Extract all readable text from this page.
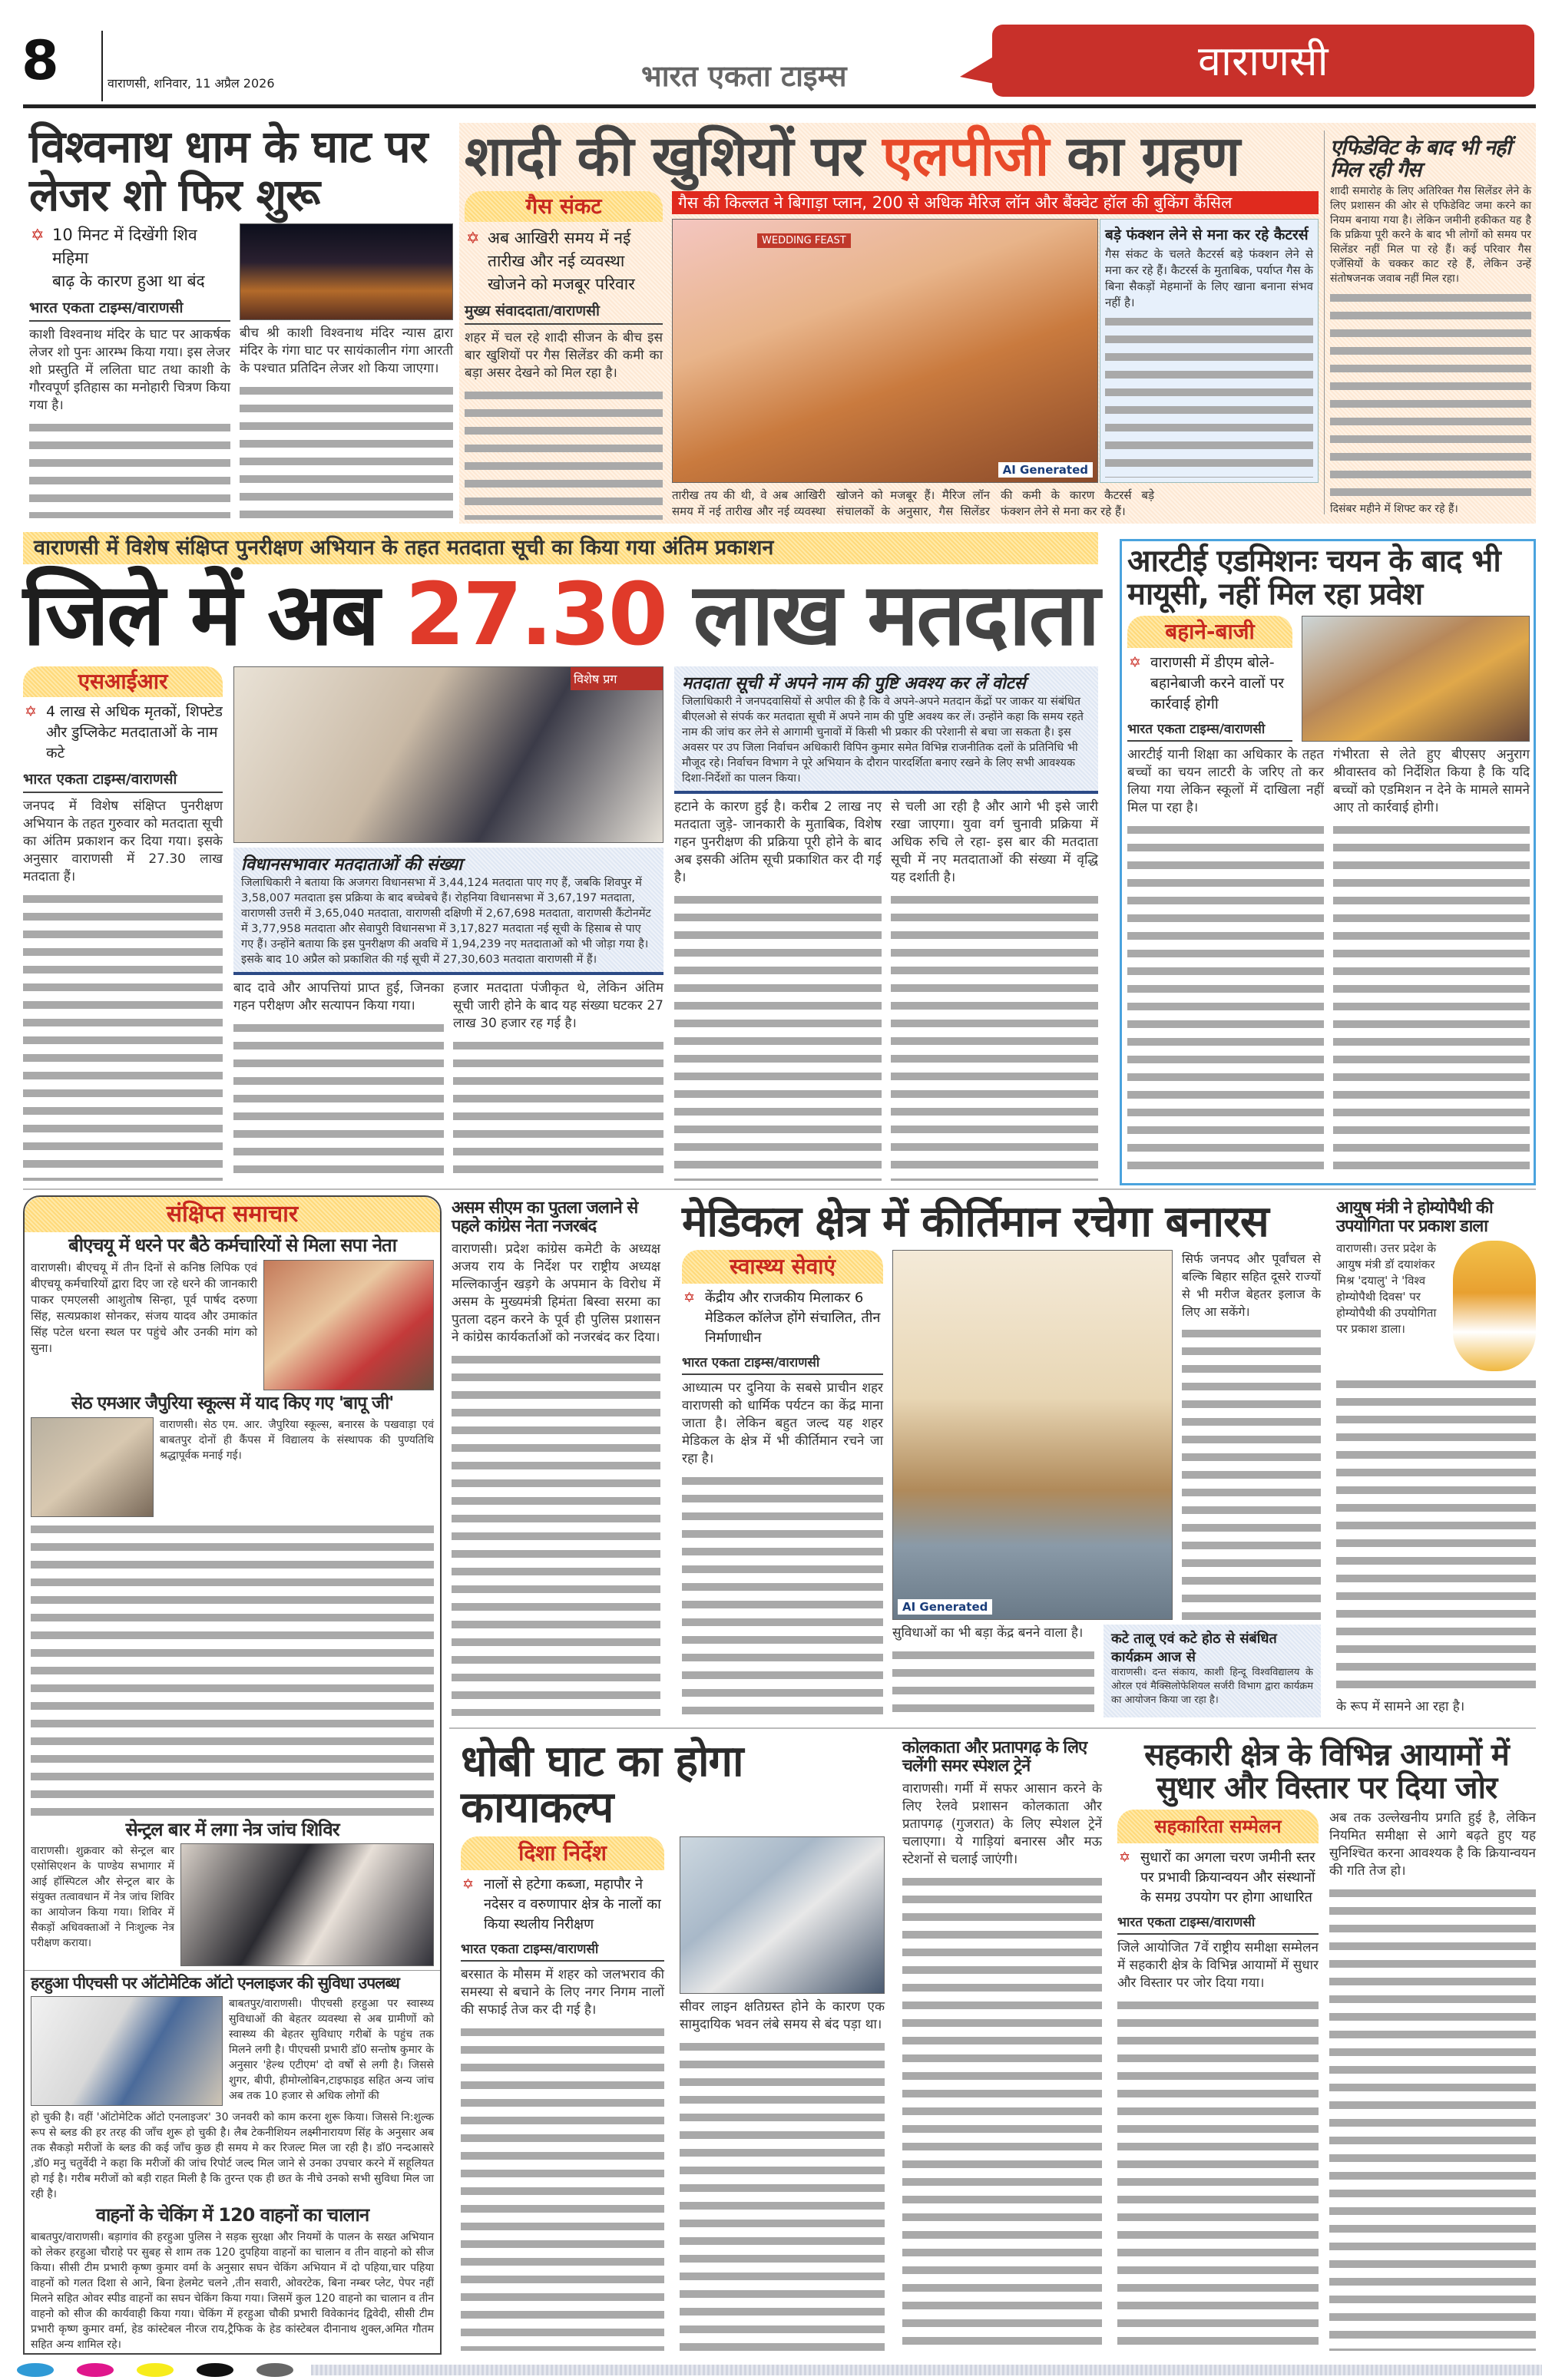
8	वाराणसी, शनिवार, 11 अप्रैल 2026	भारत एकता टाइम्स	वाराणसी
विश्वनाथ धाम के घाट पर लेजर शो फिर शुरू
✡ 10 मिनट में दिखेंगी शिव महिमा
बाढ़ के कारण हुआ था बंद
भारत एकता टाइम्स/वाराणसी
काशी विश्वनाथ मंदिर के घाट पर आकर्षक लेजर शो पुनः आरम्भ किया गया। इस लेजर शो प्रस्तुति में ललिता घाट तथा काशी के गौरवपूर्ण इतिहास का मनोहारी चित्रण किया गया है।
बीच श्री काशी विश्वनाथ मंदिर न्यास द्वारा मंदिर के गंगा घाट पर सायंकालीन गंगा आरती के पश्चात प्रतिदिन लेजर शो किया जाएगा।
शादी की खुशियों पर एलपीजी का ग्रहण
गैस संकट
✡ अब आखिरी समय में नई तारीख और नई व्यवस्था खोजने को मजबूर परिवार
मुख्य संवाददाता/वाराणसी
शहर में चल रहे शादी सीजन के बीच इस बार खुशियों पर गैस सिलेंडर की कमी का बड़ा असर देखने को मिल रहा है।
गैस की किल्लत ने बिगाड़ा प्लान, 200 से अधिक मैरिज लॉन और बैंक्वेट हॉल की बुकिंग कैंसिल
WEDDING FEAST
AI Generated
बड़े फंक्शन लेने से मना कर रहे कैटरर्स
गैस संकट के चलते कैटरर्स बड़े फंक्शन लेने से मना कर रहे हैं। कैटरर्स के मुताबिक, पर्याप्त गैस के बिना सैकड़ों मेहमानों के लिए खाना बनाना संभव नहीं है।
तारीख तय की थी, वे अब आखिरी समय में नई तारीख और नई व्यवस्था खोजने को मजबूर हैं। मैरिज लॉन संचालकों के अनुसार, गैस सिलेंडर की कमी के कारण कैटरर्स बड़े फंक्शन लेने से मना कर रहे हैं।
एफिडेविट के बाद भी नहीं मिल रही गैस
शादी समारोह के लिए अतिरिक्त गैस सिलेंडर लेने के लिए प्रशासन की ओर से एफिडेविट जमा करने का नियम बनाया गया है। लेकिन जमीनी हकीकत यह है कि प्रक्रिया पूरी करने के बाद भी लोगों को समय पर सिलेंडर नहीं मिल पा रहे हैं। कई परिवार गैस एजेंसियों के चक्कर काट रहे हैं, लेकिन उन्हें संतोषजनक जवाब नहीं मिल रहा।
दिसंबर महीने में शिफ्ट कर रहे हैं।
वाराणसी में विशेष संक्षिप्त पुनरीक्षण अभियान के तहत मतदाता सूची का किया गया अंतिम प्रकाशन
जिले में अब 27.30 लाख मतदाता
एसआईआर
✡ 4 लाख से अधिक मृतकों, शिफ्टेड और डुप्लिकेट मतदाताओं के नाम कटे
भारत एकता टाइम्स/वाराणसी
जनपद में विशेष संक्षिप्त पुनरीक्षण अभियान के तहत गुरुवार को मतदाता सूची का अंतिम प्रकाशन कर दिया गया। इसके अनुसार वाराणसी में 27.30 लाख मतदाता हैं।
विशेष प्रग
विधानसभावार मतदाताओं की संख्या
जिलाधिकारी ने बताया कि अजगरा विधानसभा में 3,44,124 मतदाता पाए गए हैं, जबकि शिवपुर में 3,58,007 मतदाता इस प्रक्रिया के बाद बच्चेबचे हैं। रोहनिया विधानसभा में 3,67,197 मतदाता, वाराणसी उत्तरी में 3,65,040 मतदाता, वाराणसी दक्षिणी में 2,67,698 मतदाता, वाराणसी कैंटोनमेंट में 3,77,958 मतदाता और सेवापुरी विधानसभा में 3,17,827 मतदाता नई सूची के हिसाब से पाए गए हैं। उन्होंने बताया कि इस पुनरीक्षण की अवधि में 1,94,239 नए मतदाताओं को भी जोड़ा गया है। इसके बाद 10 अप्रैल को प्रकाशित की गई सूची में 27,30,603 मतदाता वाराणसी में हैं।
बाद दावे और आपत्तियां प्राप्त हुई, जिनका गहन परीक्षण और सत्यापन किया गया।
हजार मतदाता पंजीकृत थे, लेकिन अंतिम सूची जारी होने के बाद यह संख्या घटकर 27 लाख 30 हजार रह गई है।
मतदाता सूची में अपने नाम की पुष्टि अवश्य कर लें वोटर्स
जिलाधिकारी ने जनपदवासियों से अपील की है कि वे अपने-अपने मतदान केंद्रों पर जाकर या संबंधित बीएलओ से संपर्क कर मतदाता सूची में अपने नाम की पुष्टि अवश्य कर लें। उन्होंने कहा कि समय रहते नाम की जांच कर लेने से आगामी चुनावों में किसी भी प्रकार की परेशानी से बचा जा सकता है। इस अवसर पर उप जिला निर्वाचन अधिकारी विपिन कुमार समेत विभिन्न राजनीतिक दलों के प्रतिनिधि भी मौजूद रहे। निर्वाचन विभाग ने पूरे अभियान के दौरान पारदर्शिता बनाए रखने के लिए सभी आवश्यक दिशा-निर्देशों का पालन किया।
हटाने के कारण हुई है। करीब 2 लाख नए मतदाता जुड़े- जानकारी के मुताबिक, विशेष गहन पुनरीक्षण की प्रक्रिया पूरी होने के बाद अब इसकी अंतिम सूची प्रकाशित कर दी गई है।
से चली आ रही है और आगे भी इसे जारी रखा जाएगा। युवा वर्ग चुनावी प्रक्रिया में अधिक रुचि ले रहा- इस बार की मतदाता सूची में नए मतदाताओं की संख्या में वृद्धि यह दर्शाती है।
आरटीई एडमिशनः चयन के बाद भी मायूसी, नहीं मिल रहा प्रवेश
बहाने-बाजी
✡ वाराणसी में डीएम बोले- बहानेबाजी करने वालों पर कार्रवाई होगी
भारत एकता टाइम्स/वाराणसी
आरटीई यानी शिक्षा का अधिकार के तहत बच्चों का चयन लाटरी के जरिए तो कर लिया गया लेकिन स्कूलों में दाखिला नहीं मिल पा रहा है।
गंभीरता से लेते हुए बीएसए अनुराग श्रीवास्तव को निर्देशित किया है कि यदि बच्चों को एडमिशन न देने के मामले सामने आए तो कार्रवाई होगी।
संक्षिप्त समाचार
बीएचयू में धरने पर बैठे कर्मचारियों से मिला सपा नेता
वाराणसी। बीएचयू में तीन दिनों से कनिष्ठ लिपिक एवं बीएचयू कर्मचारियों द्वारा दिए जा रहे धरने की जानकारी पाकर एमएलसी आशुतोष सिन्हा, पूर्व पार्षद दरुणा सिंह, सत्यप्रकाश सोनकर, संजय यादव और उमाकांत सिंह पटेल धरना स्थल पर पहुंचे और उनकी मांग को सुना।
सेठ एमआर जैपुरिया स्कूल्स में याद किए गए 'बापू जी'
वाराणसी। सेठ एम. आर. जैपुरिया स्कूल्स, बनारस के पखवाड़ा एवं बाबतपुर दोनों ही कैंपस में विद्यालय के संस्थापक की पुण्यतिथि श्रद्धापूर्वक मनाई गई।
सेन्ट्रल बार में लगा नेत्र जांच शिविर
वाराणसी। शुक्रवार को सेन्ट्रल बार एसोसिएशन के पाण्डेय सभागार में आई हॉस्पिटल और सेन्ट्रल बार के संयुक्त तत्वावधान में नेत्र जांच शिविर का आयोजन किया गया। शिविर में सैकड़ों अधिवक्ताओं ने निःशुल्क नेत्र परीक्षण कराया।
हरहुआ पीएचसी पर ऑटोमेटिक ऑटो एनलाइजर की सुविधा उपलब्ध
बाबतपुर/वाराणसी। पीएचसी हरहुआ पर स्वास्थ्य सुविधाओं की बेहतर व्यवस्था से अब ग्रामीणों को स्वास्थ्य की बेहतर सुविधाए गरीबों के पहुंच तक मिलने लगी है। पीएचसी प्रभारी डॉ0 सन्तोष कुमार के अनुसार 'हेल्थ एटीएम' दो वर्षों से लगी है। जिससे शुगर, बीपी, हीमोग्लोबिन,टाइफाइड सहित अन्य जांच अब तक 10 हजार से अधिक लोगों की
हो चुकी है। वहीं 'ऑटोमेटिक ऑटो एनलाइजर' 30 जनवरी को काम करना शुरू किया। जिससे नि:शुल्क रूप से ब्लड की हर तरह की जाँच शुरू हो चुकी है। लैब टेकनीशियन लक्ष्मीनारायण सिंह के अनुसार अब तक सैकड़ो मरीजों के ब्लड की कई जाँच कुछ ही समय मे कर रिजल्ट मिल जा रही है। डॉ0 नन्दआसरे ,डॉ0 मनु चतुर्वेदी ने कहा कि मरीजों की जांच रिपोर्ट जल्द मिल जाने से उनका उपचार करने में सहूलियत हो गई है। गरीब मरीजों को बड़ी राहत मिली है कि तुरन्त एक ही छत के नीचे उनको सभी सुविधा मिल जा रही है।
वाहनों के चेकिंग में 120 वाहनों का चालान
बाबतपुर/वाराणसी। बड़ागांव की हरहुआ पुलिस ने सड़क सुरक्षा और नियमों के पालन के सख्त अभियान को लेकर हरहुआ चौराहे पर सुबह से शाम तक 120 दुपहिया वाहनों का चालान व तीन वाहनो को सीज किया। सीसी टीम प्रभारी कृष्ण कुमार वर्मा के अनुसार सघन चेकिंग अभियान में दो पहिया,चार पहिया वाहनों को गलत दिशा से आने, बिना हेलमेट चलने ,तीन सवारी, ओवरटेक, बिना नम्बर प्लेट, पेपर नहीं मिलने सहित ओवर स्पीड वाहनों का सघन चेकिंग किया गया। जिसमें कुल 120 वाहनो का चालान व तीन वाहनो को सीज की कार्यवाही किया गया। चेकिंग में हरहुआ चौकी प्रभारी विवेकानंद द्विवेदी, सीसी टीम प्रभारी कृष्ण कुमार वर्मा, हेड कांस्टेबल नीरज राय,ट्रैफिक के हेड कांस्टेबल दीनानाथ शुक्ल,अमित गौतम सहित अन्य शामिल रहे।
असम सीएम का पुतला जलाने से पहले कांग्रेस नेता नजरबंद
वाराणसी। प्रदेश कांग्रेस कमेटी के अध्यक्ष अजय राय के निर्देश पर राष्ट्रीय अध्यक्ष मल्लिकार्जुन खड़गे के अपमान के विरोध में असम के मुख्यमंत्री हिमंता बिस्वा सरमा का पुतला दहन करने के पूर्व ही पुलिस प्रशासन ने कांग्रेस कार्यकर्ताओं को नजरबंद कर दिया।
मेडिकल क्षेत्र में कीर्तिमान रचेगा बनारस
स्वास्थ्य सेवाएं
✡ केंद्रीय और राजकीय मिलाकर 6 मेडिकल कॉलेज होंगे संचालित, तीन निर्माणाधीन
भारत एकता टाइम्स/वाराणसी
आध्यात्म पर दुनिया के सबसे प्राचीन शहर वाराणसी को धार्मिक पर्यटन का केंद्र माना जाता है। लेकिन बहुत जल्द यह शहर मेडिकल के क्षेत्र में भी कीर्तिमान रचने जा रहा है।
AI Generated
सिर्फ जनपद और पूर्वांचल से बल्कि बिहार सहित दूसरे राज्यों से भी मरीज बेहतर इलाज के लिए आ सकेंगे।
सुविधाओं का भी बड़ा केंद्र बनने वाला है।	कटे तालू एवं कटे होठ से संबंधित कार्यक्रम आज से
वाराणसी। दन्त संकाय, काशी हिन्दू विश्वविद्यालय के ओरल एवं मैक्सिलोफेशियल सर्जरी विभाग द्वारा कार्यक्रम का आयोजन किया जा रहा है।
आयुष मंत्री ने होम्योपैथी की उपयोगिता पर प्रकाश डाला
वाराणसी। उत्तर प्रदेश के आयुष मंत्री डॉ दयाशंकर मिश्र 'दयालु' ने 'विश्व होम्योपैथी दिवस' पर होम्योपैथी की उपयोगिता पर प्रकाश डाला।
के रूप में सामने आ रहा है।
धोबी घाट का होगा कायाकल्प
दिशा निर्देश
✡ नालों से हटेगा कब्जा, महापौर ने नदेसर व वरुणापार क्षेत्र के नालों का किया स्थलीय निरीक्षण
भारत एकता टाइम्स/वाराणसी
बरसात के मौसम में शहर को जलभराव की समस्या से बचाने के लिए नगर निगम नालों की सफाई तेज कर दी गई है।	सीवर लाइन क्षतिग्रस्त होने के कारण एक सामुदायिक भवन लंबे समय से बंद पड़ा था।
कोलकाता और प्रतापगढ़ के लिए चलेंगी समर स्पेशल ट्रेनें
वाराणसी। गर्मी में सफर आसान करने के लिए रेलवे प्रशासन कोलकाता और प्रतापगढ़ (गुजरात) के लिए स्पेशल ट्रेनें चलाएगा। ये गाड़ियां बनारस और मऊ स्टेशनों से चलाई जाएंगी।
सहकारी क्षेत्र के विभिन्न आयामों में सुधार और विस्तार पर दिया जोर
सहकारिता सम्मेलन
✡ सुधारों का अगला चरण जमीनी स्तर पर प्रभावी क्रियान्वयन और संस्थानों के समग्र उपयोग पर होगा आधारित
भारत एकता टाइम्स/वाराणसी
जिले आयोजित 7वें राष्ट्रीय समीक्षा सम्मेलन में सहकारी क्षेत्र के विभिन्न आयामों में सुधार और विस्तार पर जोर दिया गया।
अब तक उल्लेखनीय प्रगति हुई है, लेकिन नियमित समीक्षा से आगे बढ़ते हुए यह सुनिश्चित करना आवश्यक है कि क्रियान्वयन की गति तेज हो।
